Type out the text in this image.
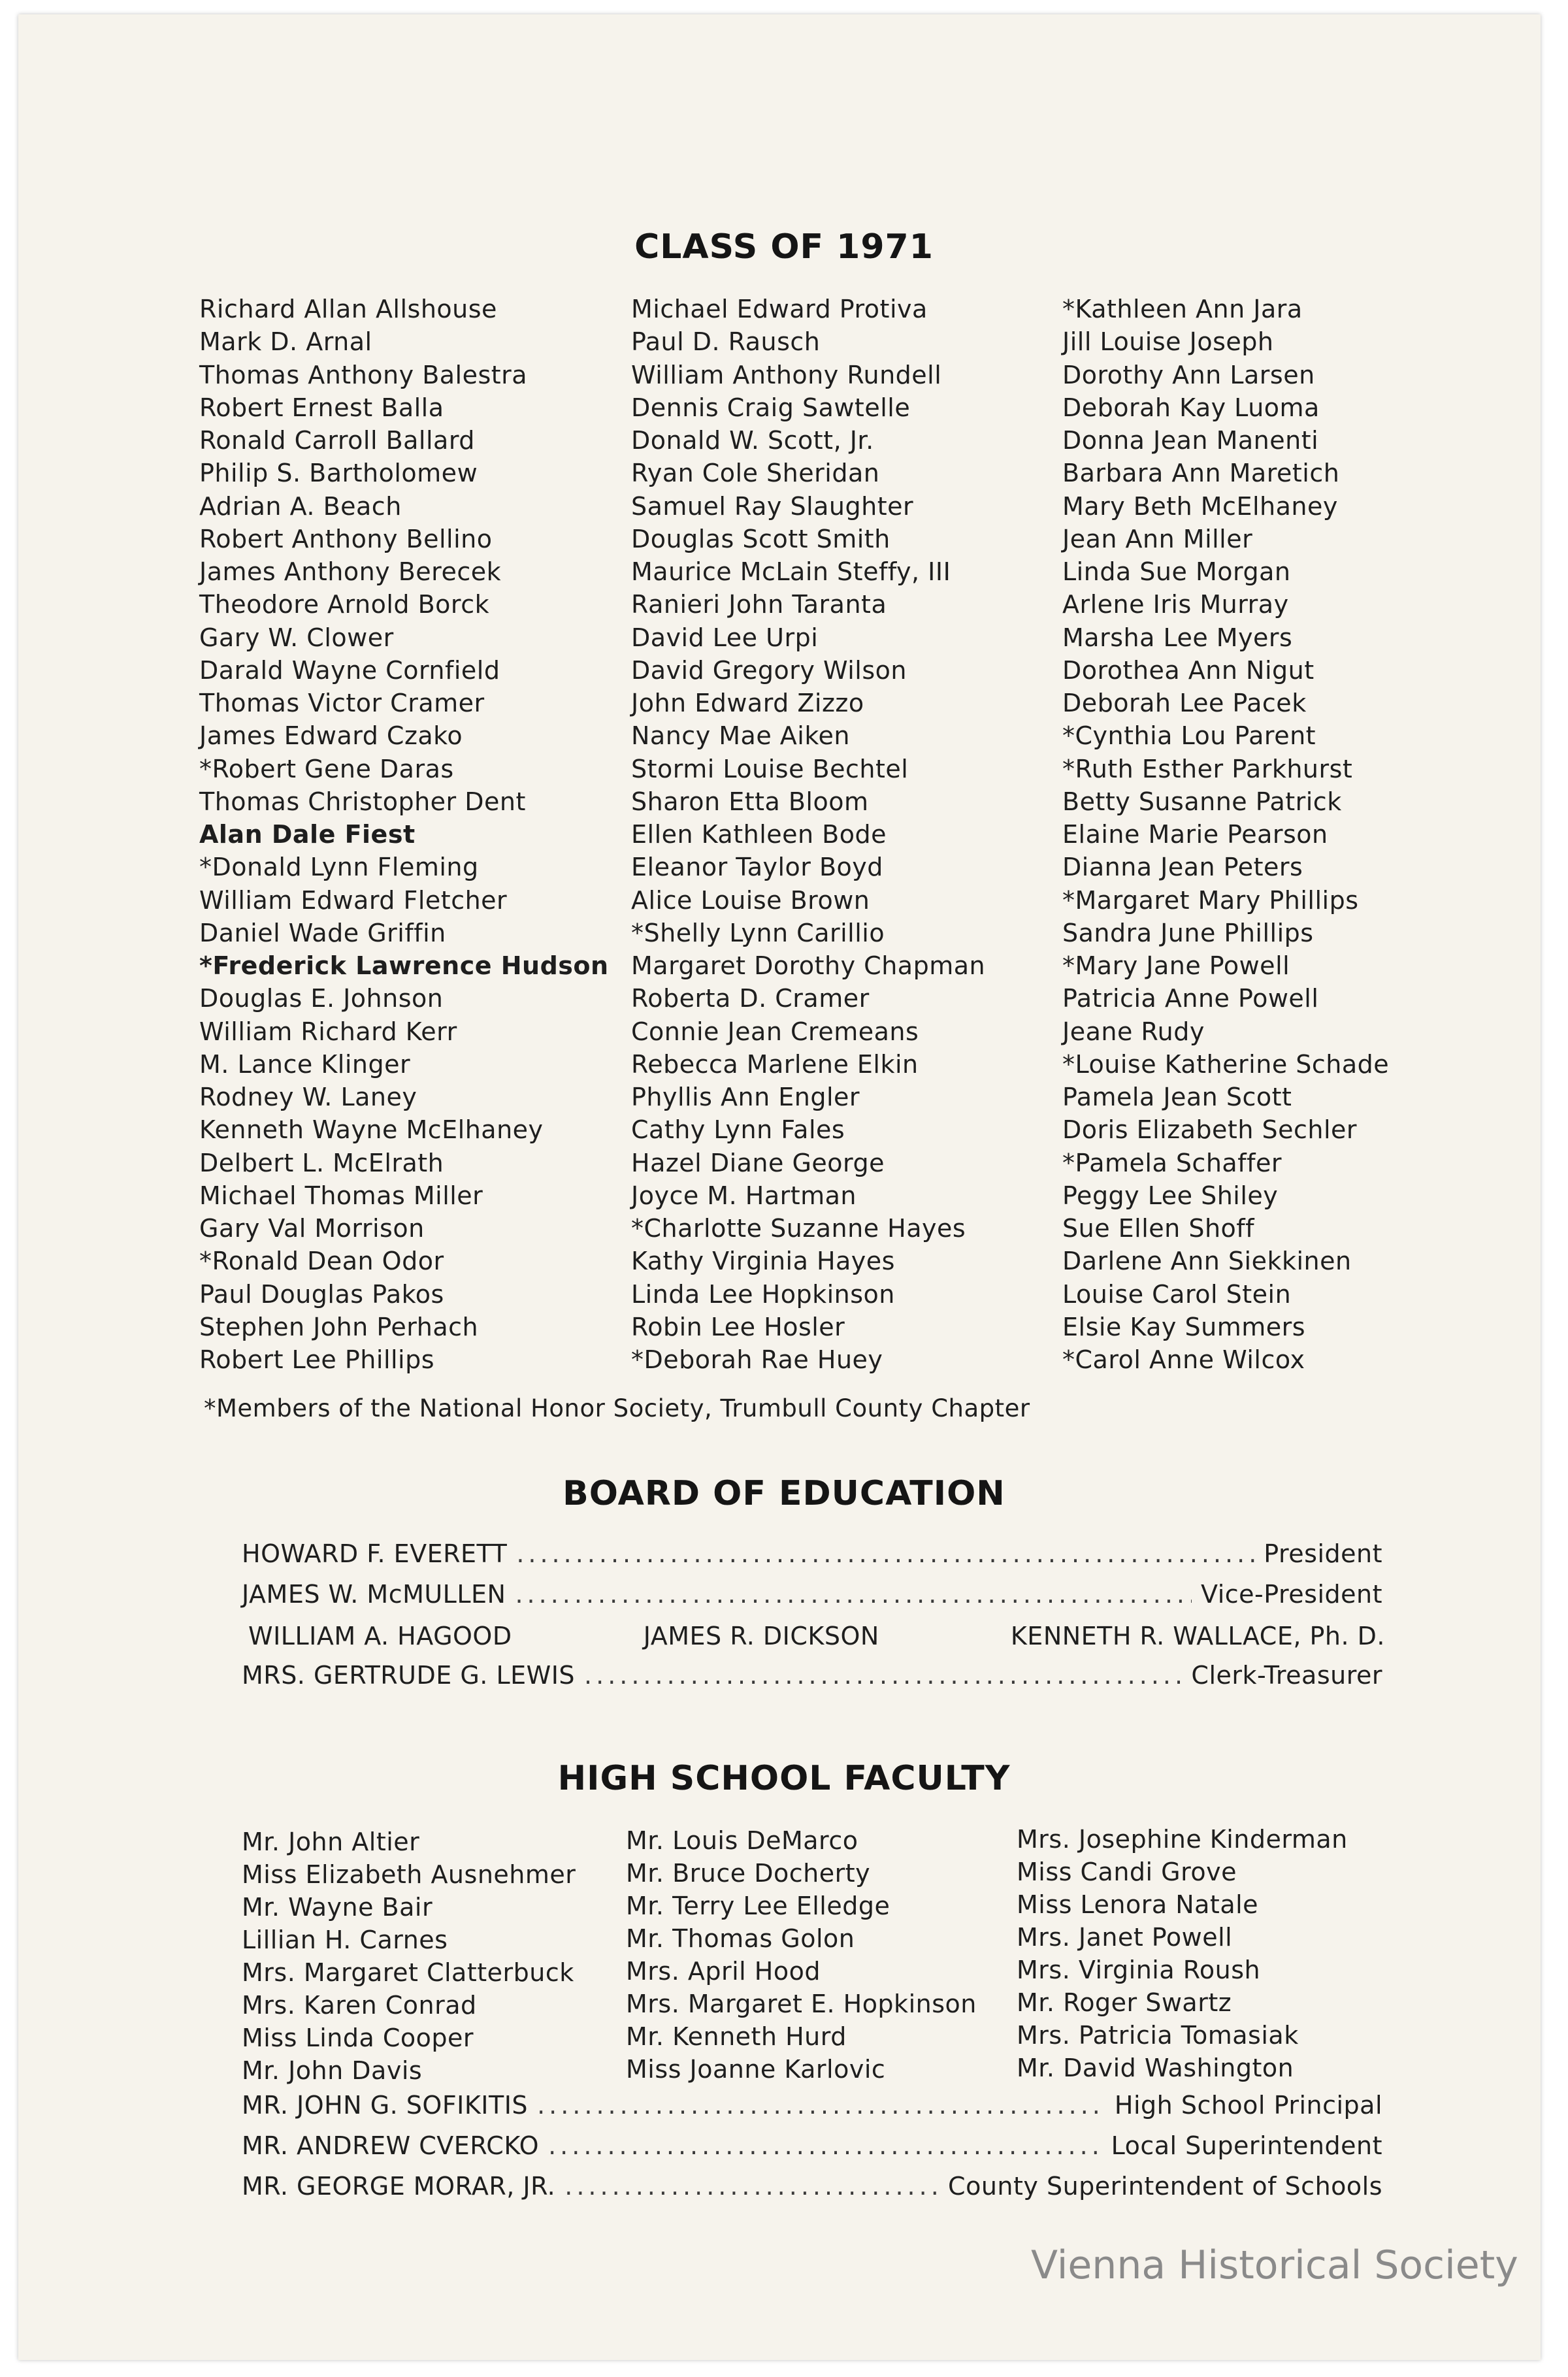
CLASS OF 1971
Richard Allan Allshouse
Mark D. Arnal
Thomas Anthony Balestra
Robert Ernest Balla
Ronald Carroll Ballard
Philip S. Bartholomew
Adrian A. Beach
Robert Anthony Bellino
James Anthony Berecek
Theodore Arnold Borck
Gary W. Clower
Darald Wayne Cornfield
Thomas Victor Cramer
James Edward Czako
*Robert Gene Daras
Thomas Christopher Dent
Alan Dale Fiest
*Donald Lynn Fleming
William Edward Fletcher
Daniel Wade Griffin
*Frederick Lawrence Hudson
Douglas E. Johnson
William Richard Kerr
M. Lance Klinger
Rodney W. Laney
Kenneth Wayne McElhaney
Delbert L. McElrath
Michael Thomas Miller
Gary Val Morrison
*Ronald Dean Odor
Paul Douglas Pakos
Stephen John Perhach
Robert Lee Phillips
Michael Edward Protiva
Paul D. Rausch
William Anthony Rundell
Dennis Craig Sawtelle
Donald W. Scott, Jr.
Ryan Cole Sheridan
Samuel Ray Slaughter
Douglas Scott Smith
Maurice McLain Steffy, III
Ranieri John Taranta
David Lee Urpi
David Gregory Wilson
John Edward Zizzo
Nancy Mae Aiken
Stormi Louise Bechtel
Sharon Etta Bloom
Ellen Kathleen Bode
Eleanor Taylor Boyd
Alice Louise Brown
*Shelly Lynn Carillio
Margaret Dorothy Chapman
Roberta D. Cramer
Connie Jean Cremeans
Rebecca Marlene Elkin
Phyllis Ann Engler
Cathy Lynn Fales
Hazel Diane George
Joyce M. Hartman
*Charlotte Suzanne Hayes
Kathy Virginia Hayes
Linda Lee Hopkinson
Robin Lee Hosler
*Deborah Rae Huey
*Kathleen Ann Jara
Jill Louise Joseph
Dorothy Ann Larsen
Deborah Kay Luoma
Donna Jean Manenti
Barbara Ann Maretich
Mary Beth McElhaney
Jean Ann Miller
Linda Sue Morgan
Arlene Iris Murray
Marsha Lee Myers
Dorothea Ann Nigut
Deborah Lee Pacek
*Cynthia Lou Parent
*Ruth Esther Parkhurst
Betty Susanne Patrick
Elaine Marie Pearson
Dianna Jean Peters
*Margaret Mary Phillips
Sandra June Phillips
*Mary Jane Powell
Patricia Anne Powell
Jeane Rudy
*Louise Katherine Schade
Pamela Jean Scott
Doris Elizabeth Sechler
*Pamela Schaffer
Peggy Lee Shiley
Sue Ellen Shoff
Darlene Ann Siekkinen
Louise Carol Stein
Elsie Kay Summers
*Carol Anne Wilcox
*Members of the National Honor Society, Trumbull County Chapter
BOARD OF EDUCATION
HOWARD F. EVERETT .....	President
JAMES W. McMULLEN .....	Vice-President
WILLIAM A. HAGOOD	JAMES R. DICKSON	KENNETH R. WALLACE, Ph. D.
MRS. GERTRUDE G. LEWIS .....	Clerk-Treasurer
HIGH SCHOOL FACULTY
Mr. John Altier
Miss Elizabeth Ausnehmer
Mr. Wayne Bair
Lillian H. Carnes
Mrs. Margaret Clatterbuck
Mrs. Karen Conrad
Miss Linda Cooper
Mr. John Davis
Mr. Louis DeMarco
Mr. Bruce Docherty
Mr. Terry Lee Elledge
Mr. Thomas Golon
Mrs. April Hood
Mrs. Margaret E. Hopkinson
Mr. Kenneth Hurd
Miss Joanne Karlovic
Mrs. Josephine Kinderman
Miss Candi Grove
Miss Lenora Natale
Mrs. Janet Powell
Mrs. Virginia Roush
Mr. Roger Swartz
Mrs. Patricia Tomasiak
Mr. David Washington
MR. JOHN G. SOFIKITIS .....	High School Principal
MR. ANDREW CVERCKO .....	Local Superintendent
MR. GEORGE MORAR, JR. .....	County Superintendent of Schools
Vienna Historical Society
